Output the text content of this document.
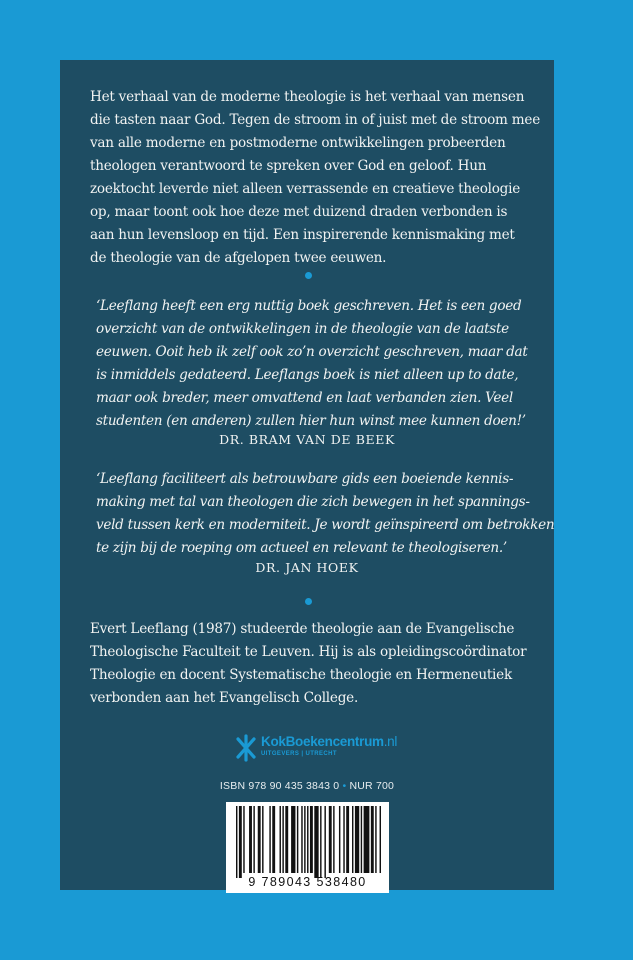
Het verhaal van de moderne theologie is het verhaal van mensen
die tasten naar God. Tegen de stroom in of juist met de stroom mee
van alle moderne en postmoderne ontwikkelingen probeerden
theologen verantwoord te spreken over God en geloof. Hun
zoektocht leverde niet alleen verrassende en creatieve theologie
op, maar toont ook hoe deze met duizend draden verbonden is
aan hun levensloop en tijd. Een inspirerende kennismaking met
de theologie van de afgelopen twee eeuwen.
‘Leeflang heeft een erg nuttig boek geschreven. Het is een goed
overzicht van de ontwikkelingen in de theologie van de laatste
eeuwen. Ooit heb ik zelf ook zo’n overzicht geschreven, maar dat
is inmiddels gedateerd. Leeflangs boek is niet alleen up to date,
maar ook breder, meer omvattend en laat verbanden zien. Veel
studenten (en anderen) zullen hier hun winst mee kunnen doen!’
DR. BRAM VAN DE BEEK
‘Leeflang faciliteert als betrouwbare gids een boeiende kennis-
making met tal van theologen die zich bewegen in het spannings-
veld tussen kerk en moderniteit. Je wordt geïnspireerd om betrokken
te zijn bij de roeping om actueel en relevant te theologiseren.’
DR. JAN HOEK
Evert Leeflang (1987) studeerde theologie aan de Evangelische
Theologische Faculteit te Leuven. Hij is als opleidingscoördinator
Theologie en docent Systematische theologie en Hermeneutiek
verbonden aan het Evangelisch College.
KokBoekencentrum.nl
UITGEVERS | UTRECHT
ISBN 978 90 435 3843 0 • NUR 700
9 789043 538480
